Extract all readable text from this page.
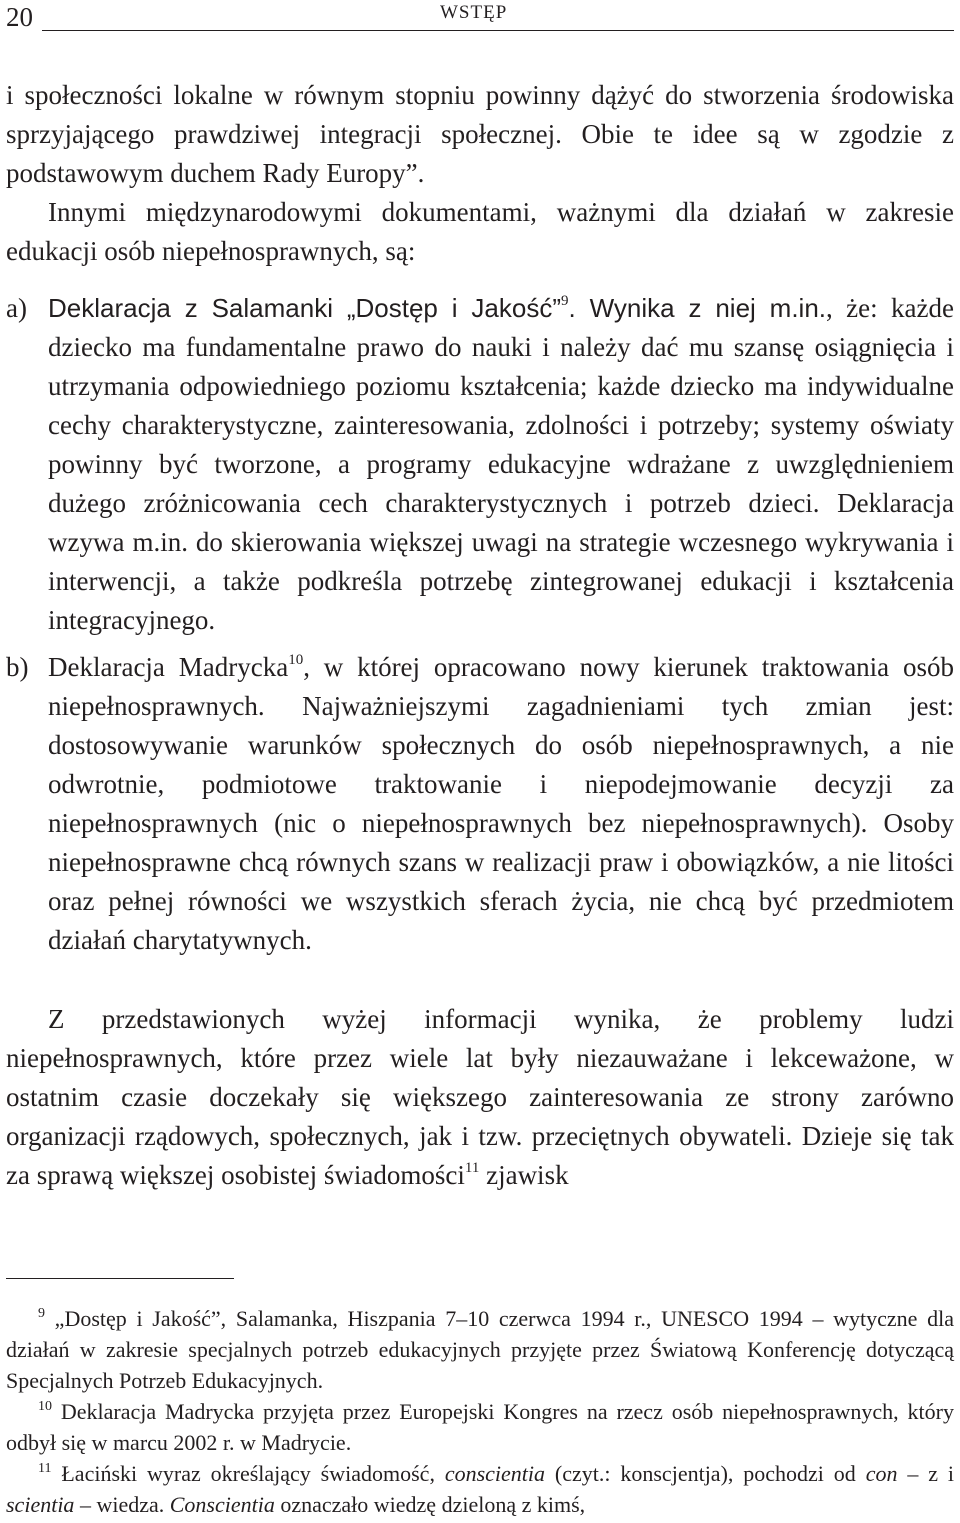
20	WSTĘP

i społeczności lokalne w równym stopniu powinny dążyć do stworzenia środowiska sprzyjającego prawdziwej integracji społecznej. Obie te idee są w zgodzie z podstawowym duchem Rady Europy”.

Innymi międzynarodowymi dokumentami, ważnymi dla działań w zakresie edukacji osób niepełnosprawnych, są:

a) Deklaracja z Salamanki „Dostęp i Jakość”$^9$. Wynika z niej m.in., że: każde dziecko ma fundamentalne prawo do nauki i należy dać mu szansę osiągnięcia i utrzymania odpowiedniego poziomu kształcenia; każde dziecko ma indywidualne cechy charakterystyczne, zainteresowania, zdolności i potrzeby; systemy oświaty powinny być tworzone, a programy edukacyjne wdrażane z uwzględnieniem dużego zróżnicowania cech charakterystycznych i potrzeb dzieci. Deklaracja wzywa m.in. do skierowania większej uwagi na strategie wczesnego wykrywania i interwencji, a także podkreśla potrzebę zintegrowanej edukacji i kształcenia integracyjnego.
b) Deklaracja Madrycka$^{10}$, w której opracowano nowy kierunek traktowania osób niepełnosprawnych. Najważniejszymi zagadnieniami tych zmian jest: dostosowywanie warunków społecznych do osób niepełnosprawnych, a nie odwrotnie, podmiotowe traktowanie i niepodejmowanie decyzji za niepełnosprawnych (nic o niepełnosprawnych bez niepełnosprawnych). Osoby niepełnosprawne chcą równych szans w realizacji praw i obowiązków, a nie litości oraz pełnej równości we wszystkich sferach życia, nie chcą być przedmiotem działań charytatywnych.

Z przedstawionych wyżej informacji wynika, że problemy ludzi niepełnosprawnych, które przez wiele lat były niezauważane i lekceważone, w ostatnim czasie doczekały się większego zainteresowania ze strony zarówno organizacji rządowych, społecznych, jak i tzw. przeciętnych obywateli. Dzieje się tak za sprawą większej osobistej świadomości$^{11}$ zjawisk

$^9$ „Dostęp i Jakość”, Salamanka, Hiszpania 7–10 czerwca 1994 r., UNESCO 1994 – wytyczne dla działań w zakresie specjalnych potrzeb edukacyjnych przyjęte przez Światową Konferencję dotyczącą Specjalnych Potrzeb Edukacyjnych.

$^{10}$ Deklaracja Madrycka przyjęta przez Europejski Kongres na rzecz osób niepełnosprawnych, który odbył się w marcu 2002 r. w Madrycie.

$^{11}$ Łaciński wyraz określający świadomość, conscientia (czyt.: konscjentja), pochodzi od con – z i scientia – wiedza. Conscientia oznaczało wiedzę dzieloną z kimś,
